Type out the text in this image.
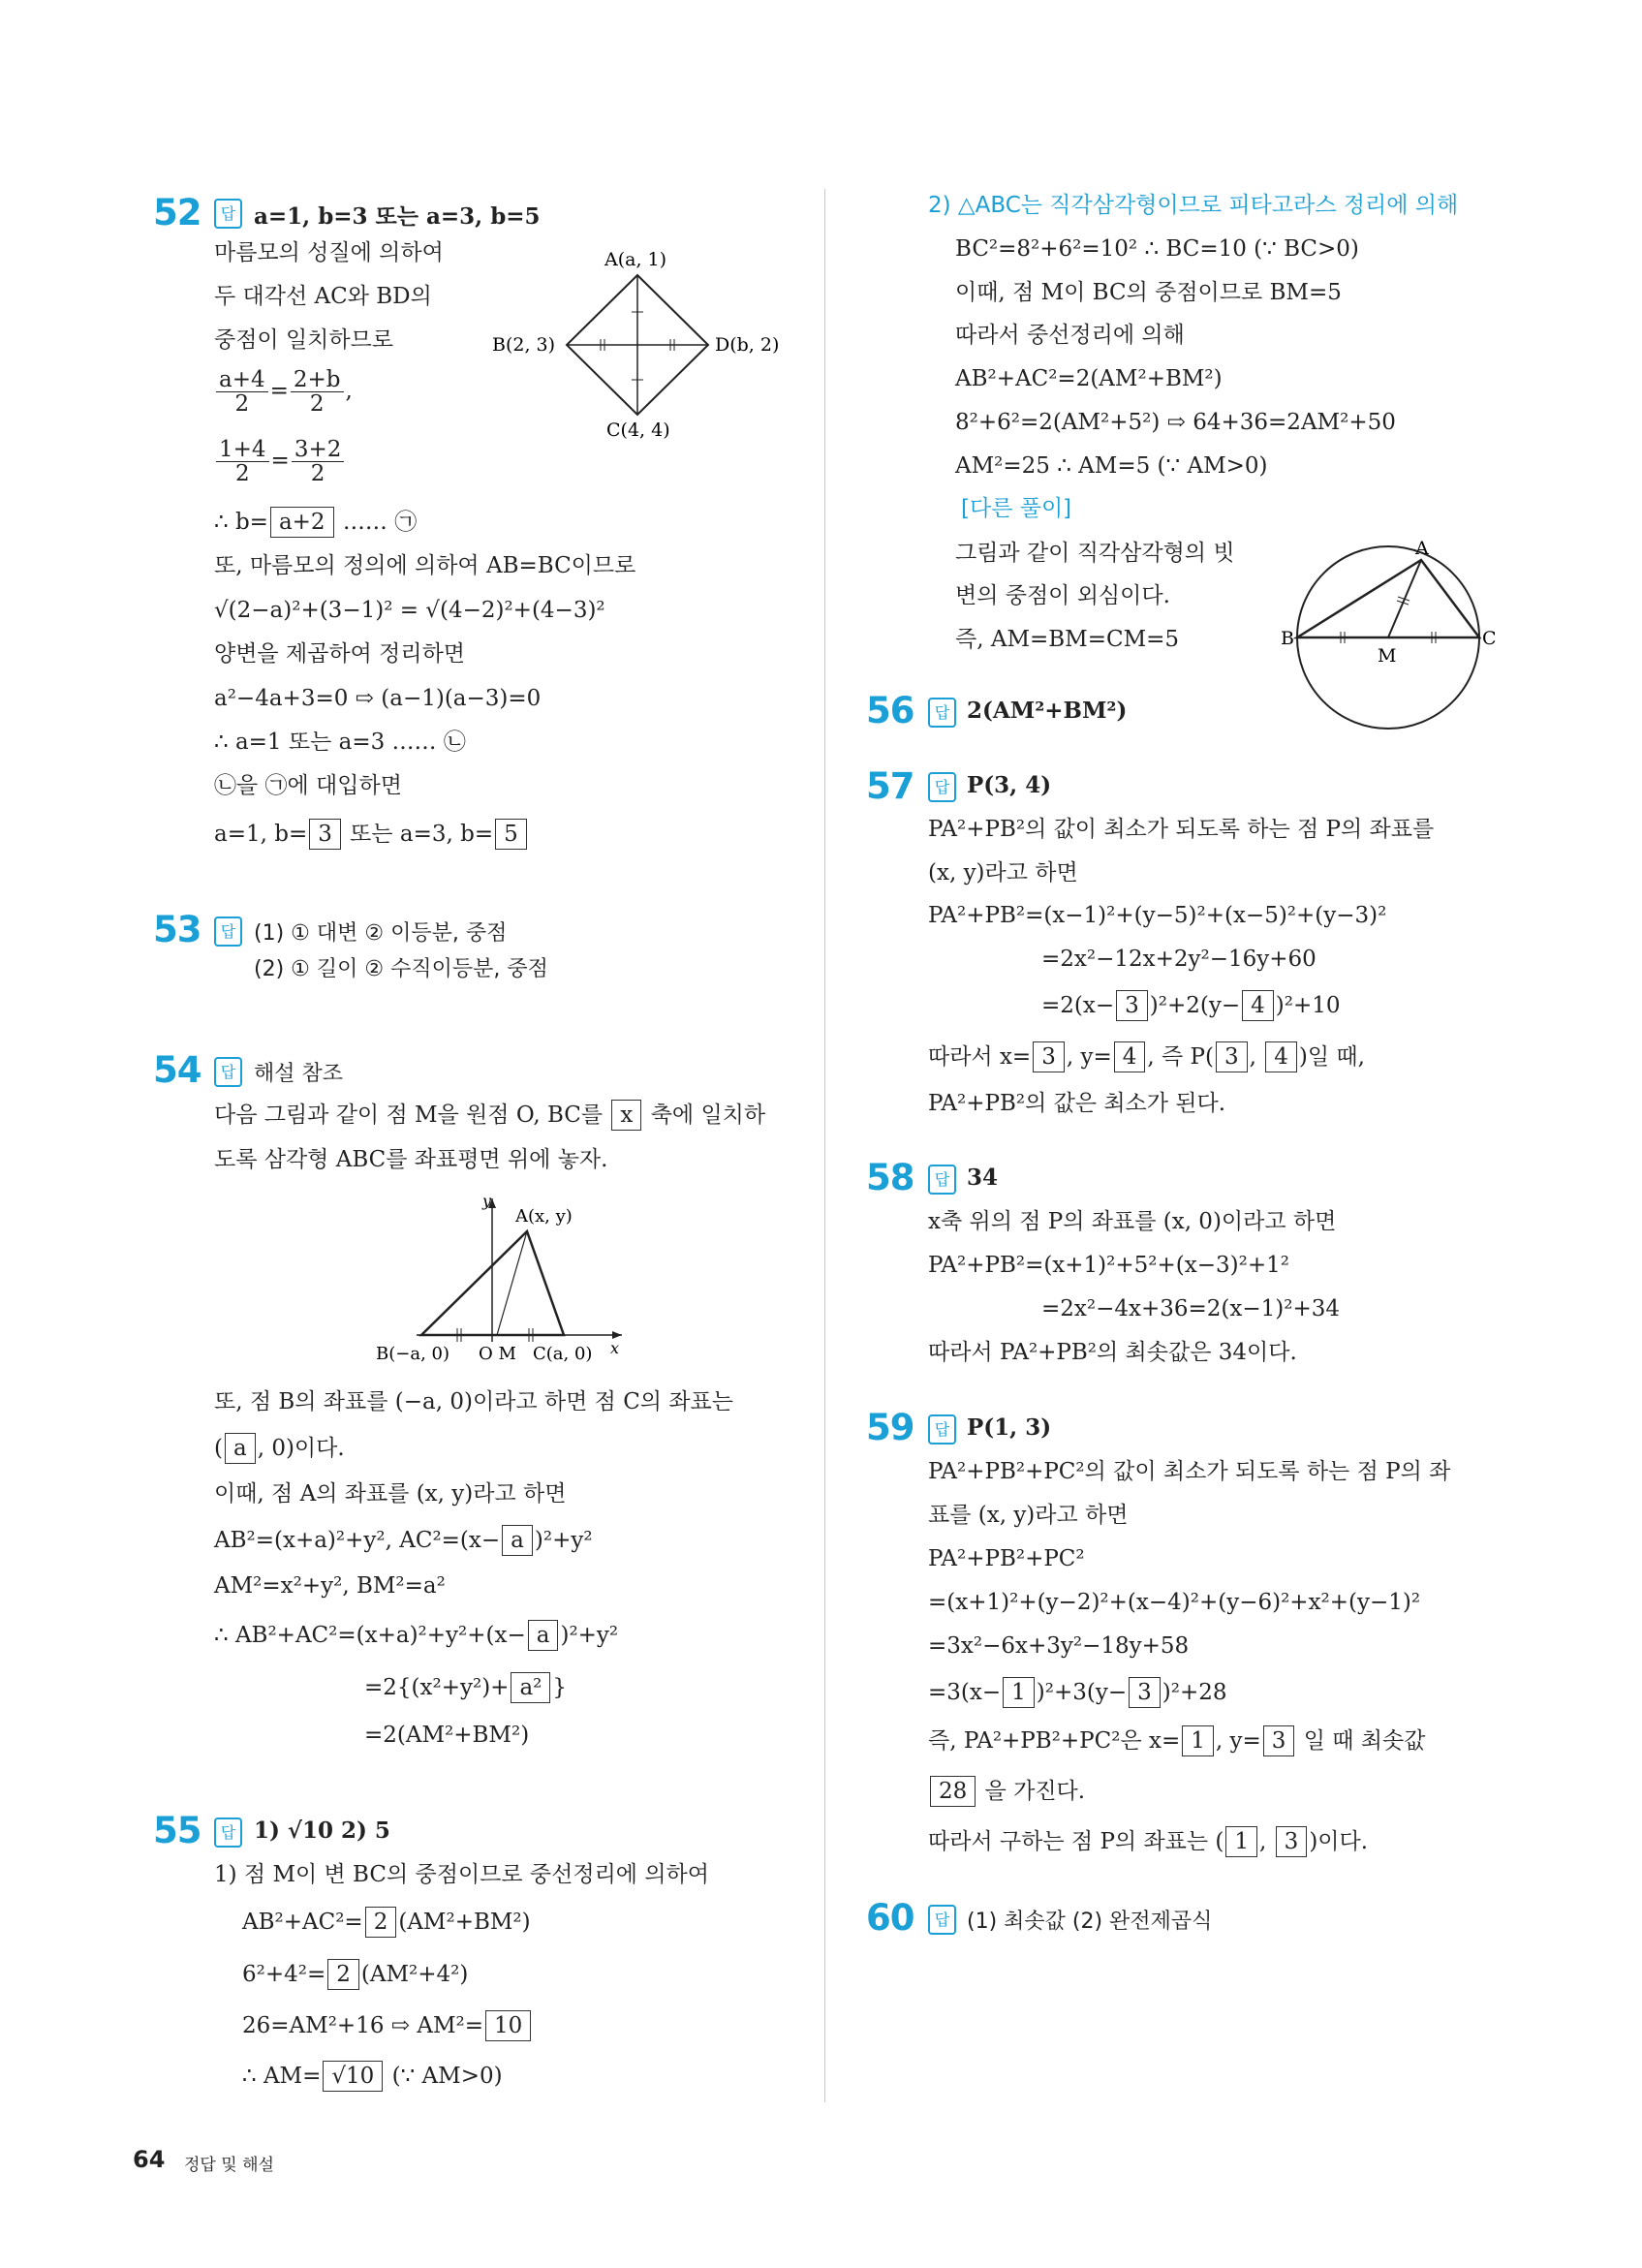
52	답 a=1, b=3 또는 a=3, b=5
마름모의 성질에 의하여
두 대각선 AC와 BD의
중점이 일치하므로
$\frac{a+4}{2} = \frac{2+b}{2}$ ,
$\frac{1+4}{2} = \frac{3+2}{2}$
∴ b= a+2 …… ㉠
또, 마름모의 정의에 의하여 AB=BC이므로
√(2−a)²+(3−1)² = √(4−2)²+(4−3)²
양변을 제곱하여 정리하면
a²−4a+3=0 ⇨ (a−1)(a−3)=0
∴ a=1 또는 a=3 …… ㉡
㉡을 ㉠에 대입하면
a=1, b= 3 또는 a=3, b= 5
A(a, 1)
B(2, 3)
C(4, 4)
D(b, 2)
53	답 (1) ① 대변 ② 이등분, 중점
(2) ① 길이 ② 수직이등분, 중점
54	답 해설 참조
다음 그림과 같이 점 M을 원점 O, BC를 x 축에 일치하
도록 삼각형 ABC를 좌표평면 위에 놓자.
y
A(x, y)
B(−a, 0) O M C(a, 0) x
또, 점 B의 좌표를 (−a, 0)이라고 하면 점 C의 좌표는
( a , 0)이다.
이때, 점 A의 좌표를 (x, y)라고 하면
AB²=(x+a)²+y², AC²=(x− a )²+y²
AM²=x²+y², BM²=a²
∴ AB²+AC²=(x+a)²+y²+(x− a )²+y²
=2{(x²+y²)+ a² }
=2(AM²+BM²)
55	답 1) √10 2) 5
1) 점 M이 변 BC의 중점이므로 중선정리에 의하여
AB²+AC²= 2 (AM²+BM²)
6²+4²= 2 (AM²+4²)
26=AM²+16 ⇨ AM²= 10
∴ AM= √10 (∵ AM>0)
2) △ABC는 직각삼각형이므로 피타고라스 정리에 의해
BC²=8²+6²=10² ∴ BC=10 (∵ BC>0)
이때, 점 M이 BC의 중점이므로 BM=5
따라서 중선정리에 의해
AB²+AC²=2(AM²+BM²)
8²+6²=2(AM²+5²) ⇨ 64+36=2AM²+50
AM²=25 ∴ AM=5 (∵ AM>0)
[다른 풀이]
그림과 같이 직각삼각형의 빗
변의 중점이 외심이다.
즉, AM=BM=CM=5
A
B	C
M
56	답 2(AM²+BM²)
57	답 P(3, 4)
PA²+PB²의 값이 최소가 되도록 하는 점 P의 좌표를
(x, y)라고 하면
PA²+PB²=(x−1)²+(y−5)²+(x−5)²+(y−3)²
=2x²−12x+2y²−16y+60
=2(x− 3 )²+2(y− 4 )²+10
따라서 x= 3 , y= 4 , 즉 P( 3 , 4 )일 때,
PA²+PB²의 값은 최소가 된다.
58	답 34
x축 위의 점 P의 좌표를 (x, 0)이라고 하면
PA²+PB²=(x+1)²+5²+(x−3)²+1²
=2x²−4x+36=2(x−1)²+34
따라서 PA²+PB²의 최솟값은 34이다.
59	답 P(1, 3)
PA²+PB²+PC²의 값이 최소가 되도록 하는 점 P의 좌
표를 (x, y)라고 하면
PA²+PB²+PC²
=(x+1)²+(y−2)²+(x−4)²+(y−6)²+x²+(y−1)²
=3x²−6x+3y²−18y+58
=3(x− 1 )²+3(y− 3 )²+28
즉, PA²+PB²+PC²은 x= 1 , y= 3 일 때 최솟값
28 을 가진다.
따라서 구하는 점 P의 좌표는 ( 1 , 3 )이다.
60	답 (1) 최솟값 (2) 완전제곱식
64 정답 및 해설
